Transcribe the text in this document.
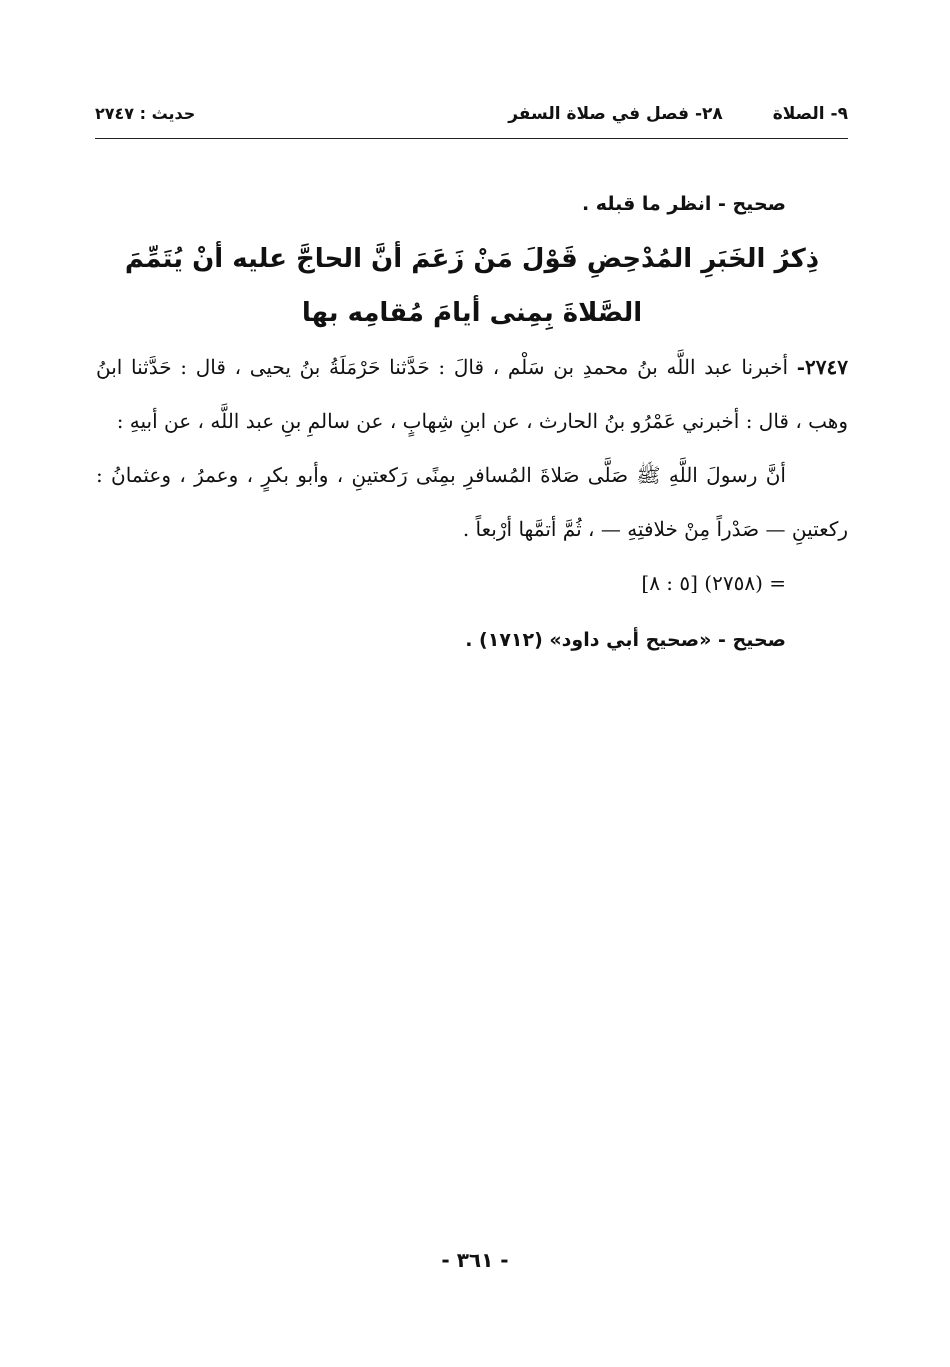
٩- الصلاة ٢٨- فصل في صلاة السفر
حديث : ٢٧٤٧

صحيح - انظر ما قبله .

ذِكرُ الخَبَرِ المُدْحِضِ قَوْلَ مَنْ زَعَمَ أنَّ الحاجَّ عليه أنْ يُتَمِّمَ
الصَّلاةَ بِمِنى أيامَ مُقامِه بها

٢٧٤٧- أخبرنا عبد اللَّه بنُ محمدِ بن سَلْم ، قالَ : حَدَّثنا حَرْمَلَةُ بنُ يحيى ، قال : حَدَّثنا ابنُ وهب ، قال : أخبرني عَمْرُو بنُ الحارث ، عن ابنِ شِهابٍ ، عن سالمِ بنِ عبد اللَّه ، عن أبيهِ :

أنَّ رسولَ اللَّهِ ﷺ صَلَّى صَلاةَ المُسافرِ بمِنًى رَكعتينِ ، وأبو بكرٍ ، وعمرُ ، وعثمانُ : ركعتينِ — صَدْراً مِنْ خلافتِهِ — ، ثُمَّ أتمَّها أرْبعاً .

= (٢٧٥٨) [٥ : ٨]

صحيح - «صحيح أبي داود» (١٧١٢) .

- ٣٦١ -
